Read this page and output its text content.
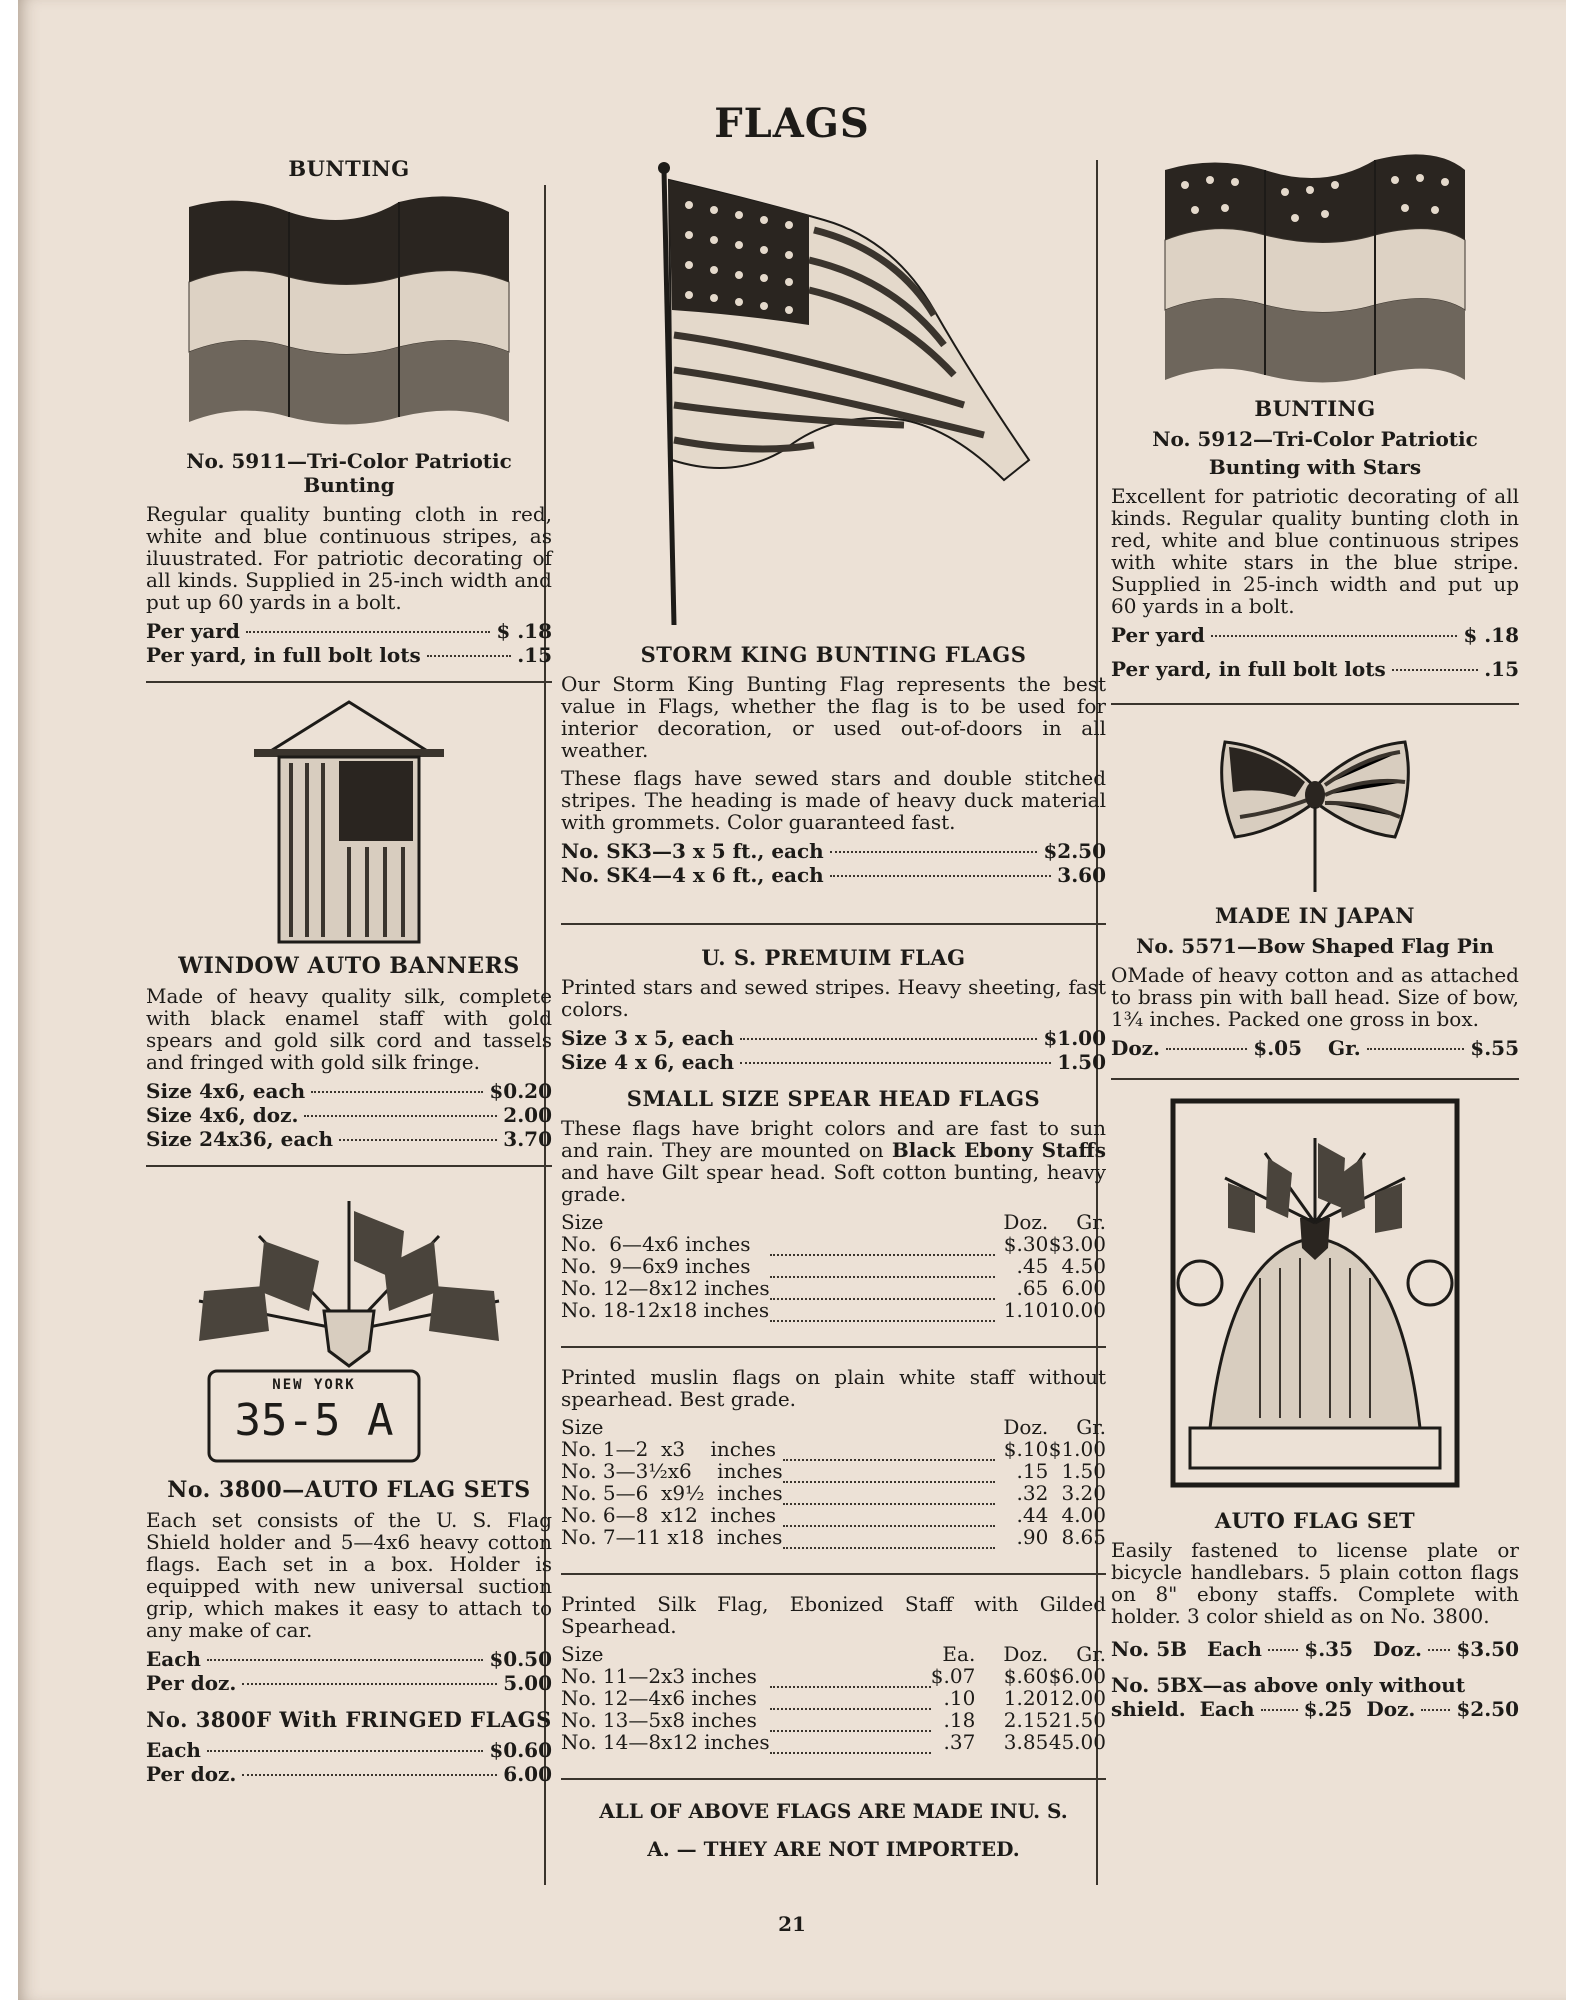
FLAGS
BUNTING
No. 5911—Tri-Color Patriotic Bunting

Regular quality bunting cloth in red, white and blue continuous stripes, as iluustrated. For patriotic decorating of all kinds. Supplied in 25-inch width and put up 60 yards in a bolt.

Per yard	$ .18
Per yard, in full bolt lots	.15
WINDOW AUTO BANNERS

Made of heavy quality silk, complete with black enamel staff with gold spears and gold silk cord and tassels and fringed with gold silk fringe.

Size 4x6, each	$0.20
Size 4x6, doz.	2.00
Size 24x36, each	3.70
NEW YORK
35-5 A
No. 3800—AUTO FLAG SETS

Each set consists of the U. S. Flag Shield holder and 5—4x6 heavy cotton flags. Each set in a box. Holder is equipped with new universal suction grip, which makes it easy to attach to any make of car.

Each	$0.50
Per doz.	5.00
No. 3800F With FRINGED FLAGS
Each	$0.60
Per doz.	6.00
STORM KING BUNTING FLAGS

Our Storm King Bunting Flag represents the best value in Flags, whether the flag is to be used for interior decoration, or used out-of-doors in all weather.

These flags have sewed stars and double stitched stripes. The heading is made of heavy duck material with grommets. Color guaranteed fast.

No. SK3—3 x 5 ft., each	$2.50
No. SK4—4 x 6 ft., each	3.60
U. S. PREMUIM FLAG

Printed stars and sewed stripes. Heavy sheeting, fast colors.

Size 3 x 5, each	$1.00
Size 4 x 6, each	1.50
SMALL SIZE SPEAR HEAD FLAGS

These flags have bright colors and are fast to sun and rain. They are mounted on Black Ebony Staffs and have Gilt spear head. Soft cotton bunting, heavy grade.

Size		Doz.	Gr.
No.  6—4x6 inches		$.30	$3.00
No.  9—6x9 inches		.45	4.50
No. 12—8x12 inches		.65	6.00
No. 18-12x18 inches		1.10	10.00

Printed muslin flags on plain white staff without spearhead. Best grade.

Size		Doz.	Gr.
No. 1—2  x3    inches		$.10	$1.00
No. 3—3½x6    inches		.15	1.50
No. 5—6  x9½  inches		.32	3.20
No. 6—8  x12  inches		.44	4.00
No. 7—11 x18  inches		.90	8.65

Printed Silk Flag, Ebonized Staff with Gilded Spearhead.

Size		Ea.	Doz.	Gr.
No. 11—2x3 inches		$.07	$.60	$6.00
No. 12—4x6 inches		.10	1.20	12.00
No. 13—5x8 inches		.18	2.15	21.50
No. 14—8x12 inches		.37	3.85	45.00
ALL OF ABOVE FLAGS ARE MADE INU. S.
A. — THEY ARE NOT IMPORTED.
BUNTING
No. 5912—Tri-Color Patriotic
Bunting with Stars

Excellent for patriotic decorating of all kinds. Regular quality bunting cloth in red, white and blue continuous stripes with white stars in the blue stripe. Supplied in 25-inch width and put up 60 yards in a bolt.

Per yard	$ .18
Per yard, in full bolt lots	.15
MADE IN JAPAN
No. 5571—Bow Shaped Flag Pin

OMade of heavy cotton and as attached to brass pin with ball head. Size of bow, 1¾ inches. Packed one gross in box.

Doz.	$.05 Gr.	$.55
AUTO FLAG SET

Easily fastened to license plate or bicycle handlebars. 5 plain cotton flags on 8" ebony staffs. Complete with holder. 3 color shield as on No. 3800.

No. 5B Each $.35 Doz. $3.50
No. 5BX—as above only without
shield. Each $.25 Doz. $2.50
21
